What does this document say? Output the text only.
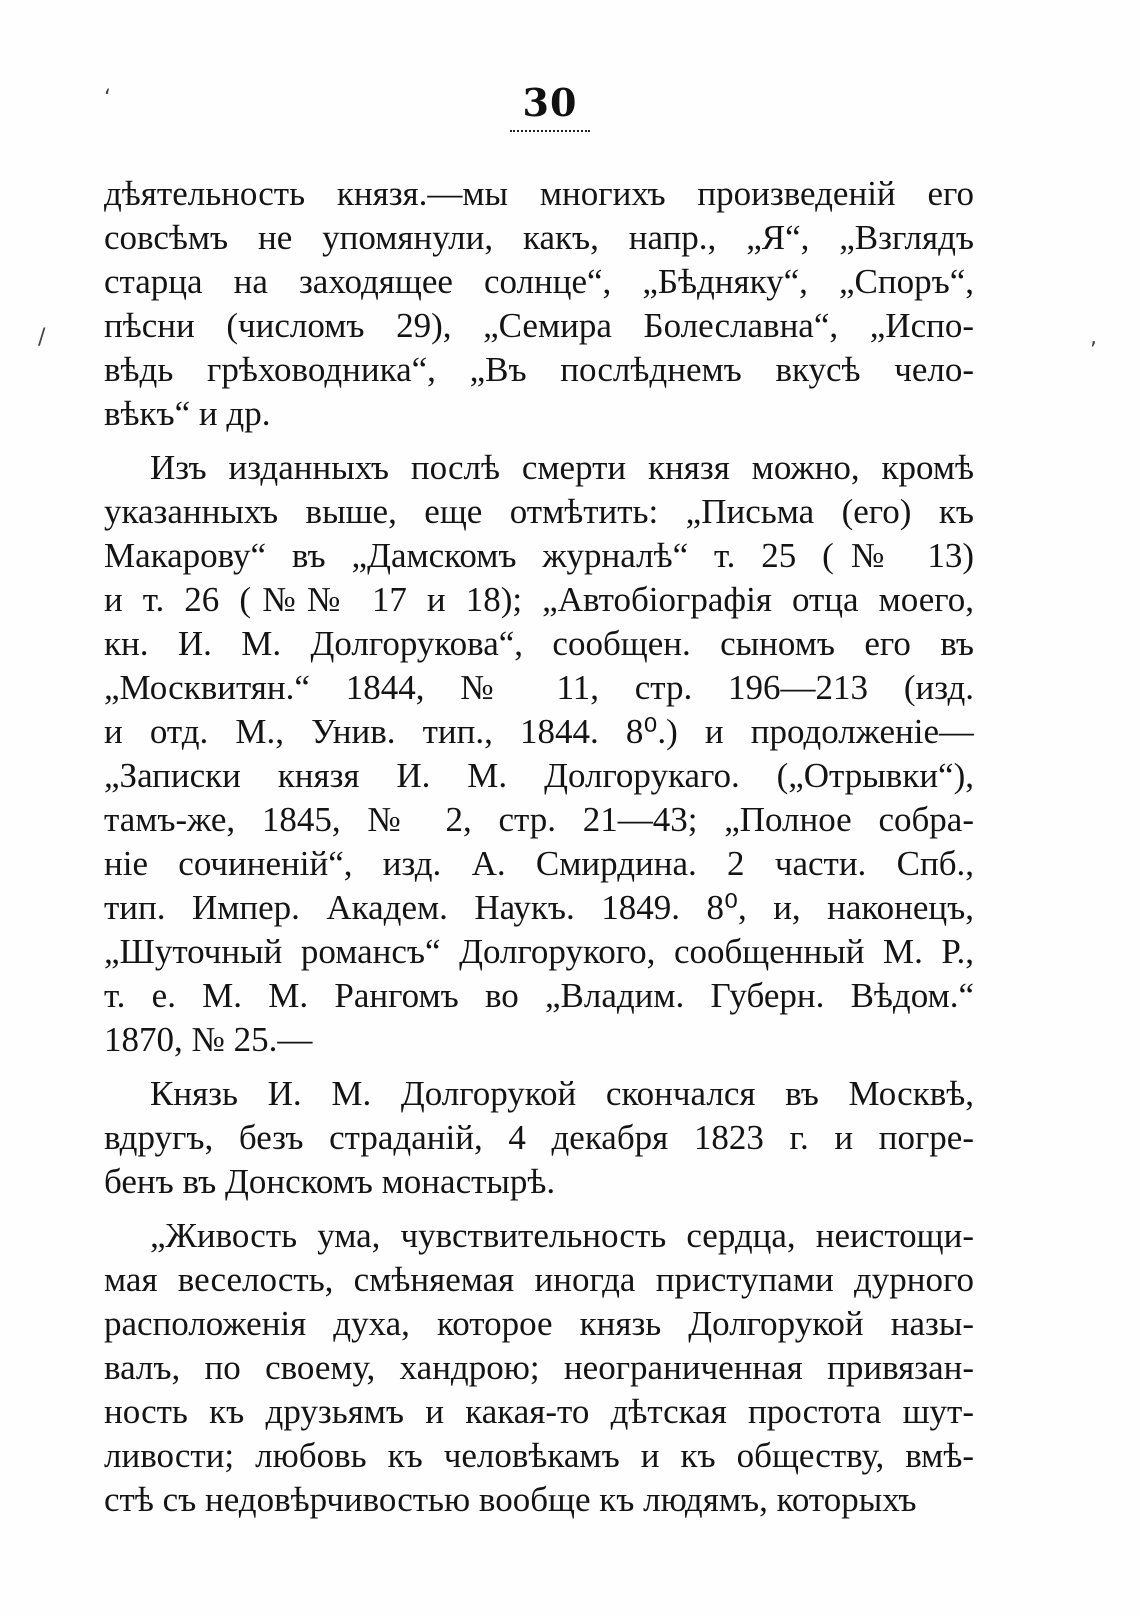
‘
/	,
30
дѣятельность князя.—мы многихъ произведенiй его
совсѣмъ не упомянули, какъ, напр., „Я“, „Взглядъ
старца на заходящее солнце“, „Бѣдняку“, „Споръ“,
пѣсни (числомъ 29), „Семира Болеславна“, „Испо-
вѣдь грѣховодника“, „Въ послѣднемъ вкусѣ чело-
вѣкъ“ и др.
Изъ изданныхъ послѣ смерти князя можно, кромѣ
указанныхъ выше, еще отмѣтить: „Письма (его) къ
Макарову“ въ „Дамскомъ журналѣ“ т. 25 (№ 13)
и т. 26 (№№ 17 и 18); „Автобiографiя отца моего,
кн. И. М. Долгорукова“, сообщен. сыномъ его въ
„Москвитян.“ 1844, № 11, стр. 196—213 (изд.
и отд. М., Унив. тип., 1844. 8⁰.) и продолженiе—
„Записки князя И. М. Долгорукаго. („Отрывки“),
тамъ-же, 1845, № 2, стр. 21—43; „Полное собра-
нiе сочиненiй“, изд. А. Смирдина. 2 части. Спб.,
тип. Импер. Академ. Наукъ. 1849. 8⁰, и, наконецъ,
„Шуточный романсъ“ Долгорукого, сообщенный М. Р.,
т. е. М. М. Рангомъ во „Владим. Губерн. Вѣдом.“
1870, № 25.—
Князь И. М. Долгорукой скончался въ Москвѣ,
вдругъ, безъ страданiй, 4 декабря 1823 г. и погре-
бенъ въ Донскомъ монастырѣ.
„Живость ума, чувствительность сердца, неистощи-
мая веселость, смѣняемая иногда приступами дурного
расположенiя духа, которое князь Долгорукой назы-
валъ, по своему, хандрою; неограниченная привязан-
ность къ друзьямъ и какая-то дѣтская простота шут-
ливости; любовь къ человѣкамъ и къ обществу, вмѣ-
стѣ съ недовѣрчивостью вообще къ людямъ, которыхъ
